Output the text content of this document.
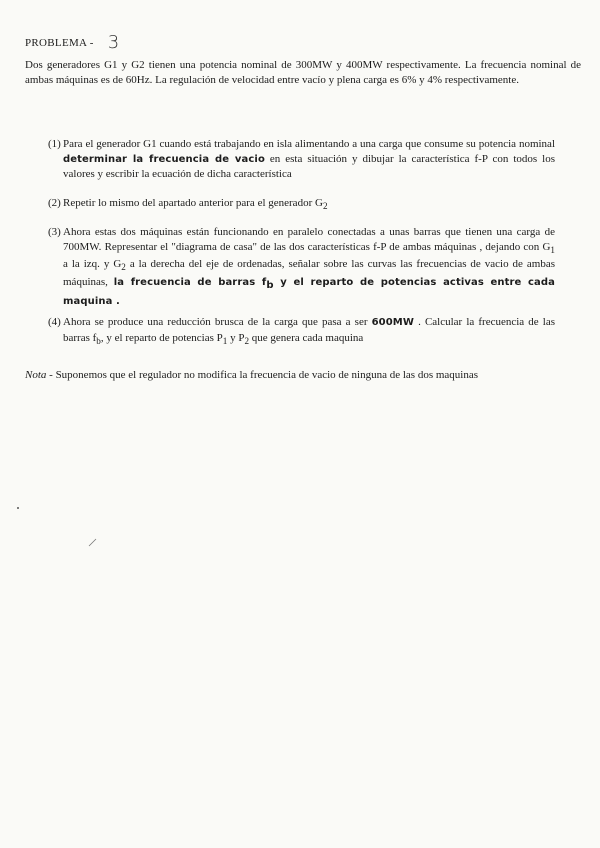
PROBLEMA - 3
Dos generadores G1 y G2 tienen una potencia nominal de 300MW y 400MW respectivamente. La frecuencia nominal de ambas máquinas es de 60Hz. La regulación de velocidad entre vacío y plena carga es 6% y 4% respectivamente.
(1) Para el generador G1 cuando está trabajando en isla alimentando a una carga que consume su potencia nominal determinar la frecuencia de vacio en esta situación y dibujar la característica f-P con todos los valores y escribir la ecuación de dicha característica
(2) Repetir lo mismo del apartado anterior para el generador $G_2$
(3) Ahora estas dos máquinas están funcionando en paralelo conectadas a unas barras que tienen una carga de 700MW. Representar el "diagrama de casa" de las dos características f-P de ambas máquinas , dejando con $G_1$ a la izq. y $G_2$ a la derecha del eje de ordenadas, señalar sobre las curvas las frecuencias de vacio de ambas máquinas, la frecuencia de barras $f_b$ y el reparto de potencias activas entre cada maquina .
(4) Ahora se produce una reducción brusca de la carga que pasa a ser 600MW . Calcular la frecuencia de las barras $f_b$, y el reparto de potencias $P_1$ y $P_2$ que genera cada maquina
Nota - Suponemos que el regulador no modifica la frecuencia de vacio de ninguna de las dos maquinas
